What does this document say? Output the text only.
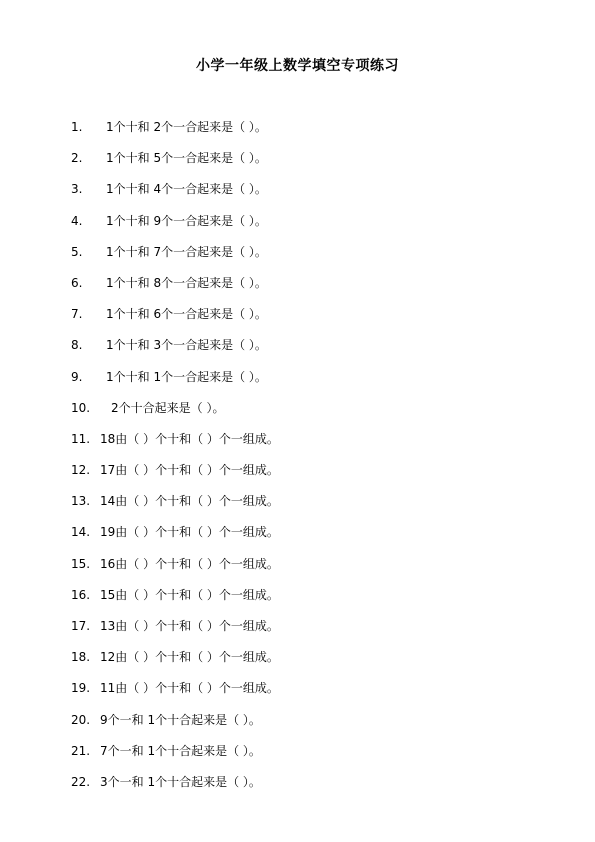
小学一年级上数学填空专项练习
1. 1个十和 2个一合起来是（ ）。
2. 1个十和 5个一合起来是（ ）。
3. 1个十和 4个一合起来是（ ）。
4. 1个十和 9个一合起来是（ ）。
5. 1个十和 7个一合起来是（ ）。
6. 1个十和 8个一合起来是（ ）。
7. 1个十和 6个一合起来是（ ）。
8. 1个十和 3个一合起来是（ ）。
9. 1个十和 1个一合起来是（ ）。
10. 2个十合起来是（ ）。
11. 18由（ ）个十和（ ）个一组成。
12. 17由（ ）个十和（ ）个一组成。
13. 14由（ ）个十和（ ）个一组成。
14. 19由（ ）个十和（ ）个一组成。
15. 16由（ ）个十和（ ）个一组成。
16. 15由（ ）个十和（ ）个一组成。
17. 13由（ ）个十和（ ）个一组成。
18. 12由（ ）个十和（ ）个一组成。
19. 11由（ ）个十和（ ）个一组成。
20. 9个一和 1个十合起来是（ ）。
21. 7个一和 1个十合起来是（ ）。
22. 3个一和 1个十合起来是（ ）。
